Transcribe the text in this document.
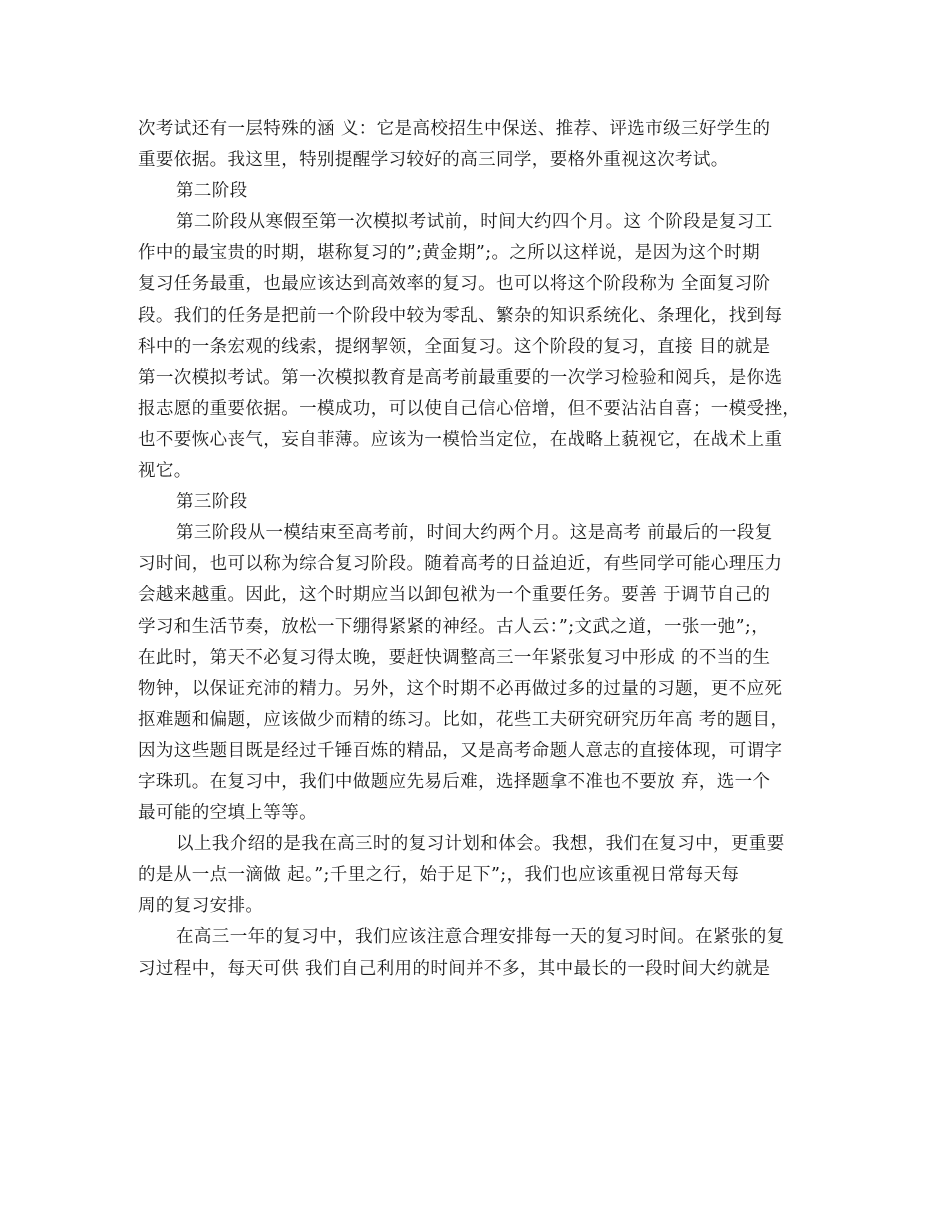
次考试还有一层特殊的涵 义：它是高校招生中保送、推荐、评选市级三好学生的
重要依据。我这里，特别提醒学习较好的高三同学，要格外重视这次考试。
第二阶段
第二阶段从寒假至第一次模拟考试前，时间大约四个月。这 个阶段是复习工
作中的最宝贵的时期，堪称复习的”;黄金期”;。之所以这样说，是因为这个时期
复习任务最重，也最应该达到高效率的复习。也可以将这个阶段称为 全面复习阶
段。我们的任务是把前一个阶段中较为零乱、繁杂的知识系统化、条理化，找到每
科中的一条宏观的线索，提纲挈领，全面复习。这个阶段的复习，直接 目的就是
第一次模拟考试。第一次模拟教育是高考前最重要的一次学习检验和阅兵，是你选
报志愿的重要依据。一模成功，可以使自己信心倍增，但不要沾沾自喜；一模受挫，
也不要恢心丧气，妄自菲薄。应该为一模恰当定位，在战略上藐视它，在战术上重
视它。
第三阶段
第三阶段从一模结束至高考前，时间大约两个月。这是高考 前最后的一段复
习时间，也可以称为综合复习阶段。随着高考的日益迫近，有些同学可能心理压力
会越来越重。因此，这个时期应当以卸包袱为一个重要任务。要善 于调节自己的
学习和生活节奏，放松一下绷得紧紧的神经。古人云：”;文武之道，一张一弛”;，
在此时，第天不必复习得太晚，要赶快调整高三一年紧张复习中形成 的不当的生
物钟，以保证充沛的精力。另外，这个时期不必再做过多的过量的习题，更不应死
抠难题和偏题，应该做少而精的练习。比如，花些工夫研究研究历年高 考的题目，
因为这些题目既是经过千锤百炼的精品，又是高考命题人意志的直接体现，可谓字
字珠玑。在复习中，我们中做题应先易后难，选择题拿不准也不要放 弃，选一个
最可能的空填上等等。
以上我介绍的是我在高三时的复习计划和体会。我想，我们在复习中，更重要
的是从一点一滴做 起。”;千里之行，始于足下”;，我们也应该重视日常每天每
周的复习安排。
在高三一年的复习中，我们应该注意合理安排每一天的复习时间。在紧张的复
习过程中，每天可供 我们自己利用的时间并不多，其中最长的一段时间大约就是
